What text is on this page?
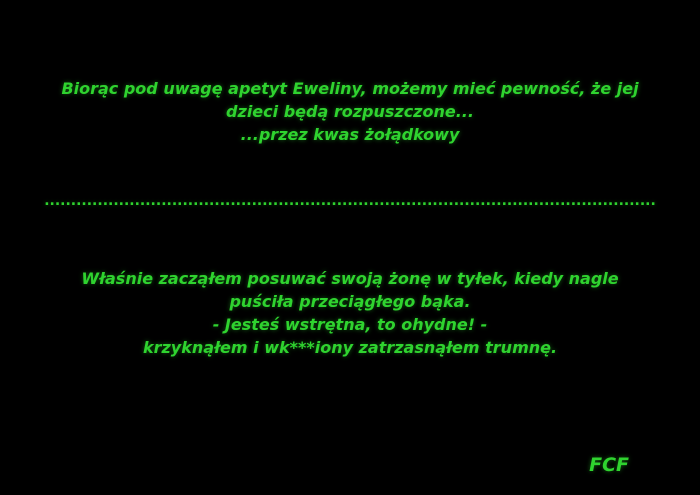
Biorąc pod uwagę apetyt Eweliny, możemy mieć pewność, że jej
dzieci będą rozpuszczone...
...przez kwas żołądkowy
...................................................................................................................
Właśnie zacząłem posuwać swoją żonę w tyłek, kiedy nagle
puściła przeciągłego bąka.
- Jesteś wstrętna, to ohydne! -
krzyknąłem i wk***iony zatrzasnąłem trumnę.
FCF
